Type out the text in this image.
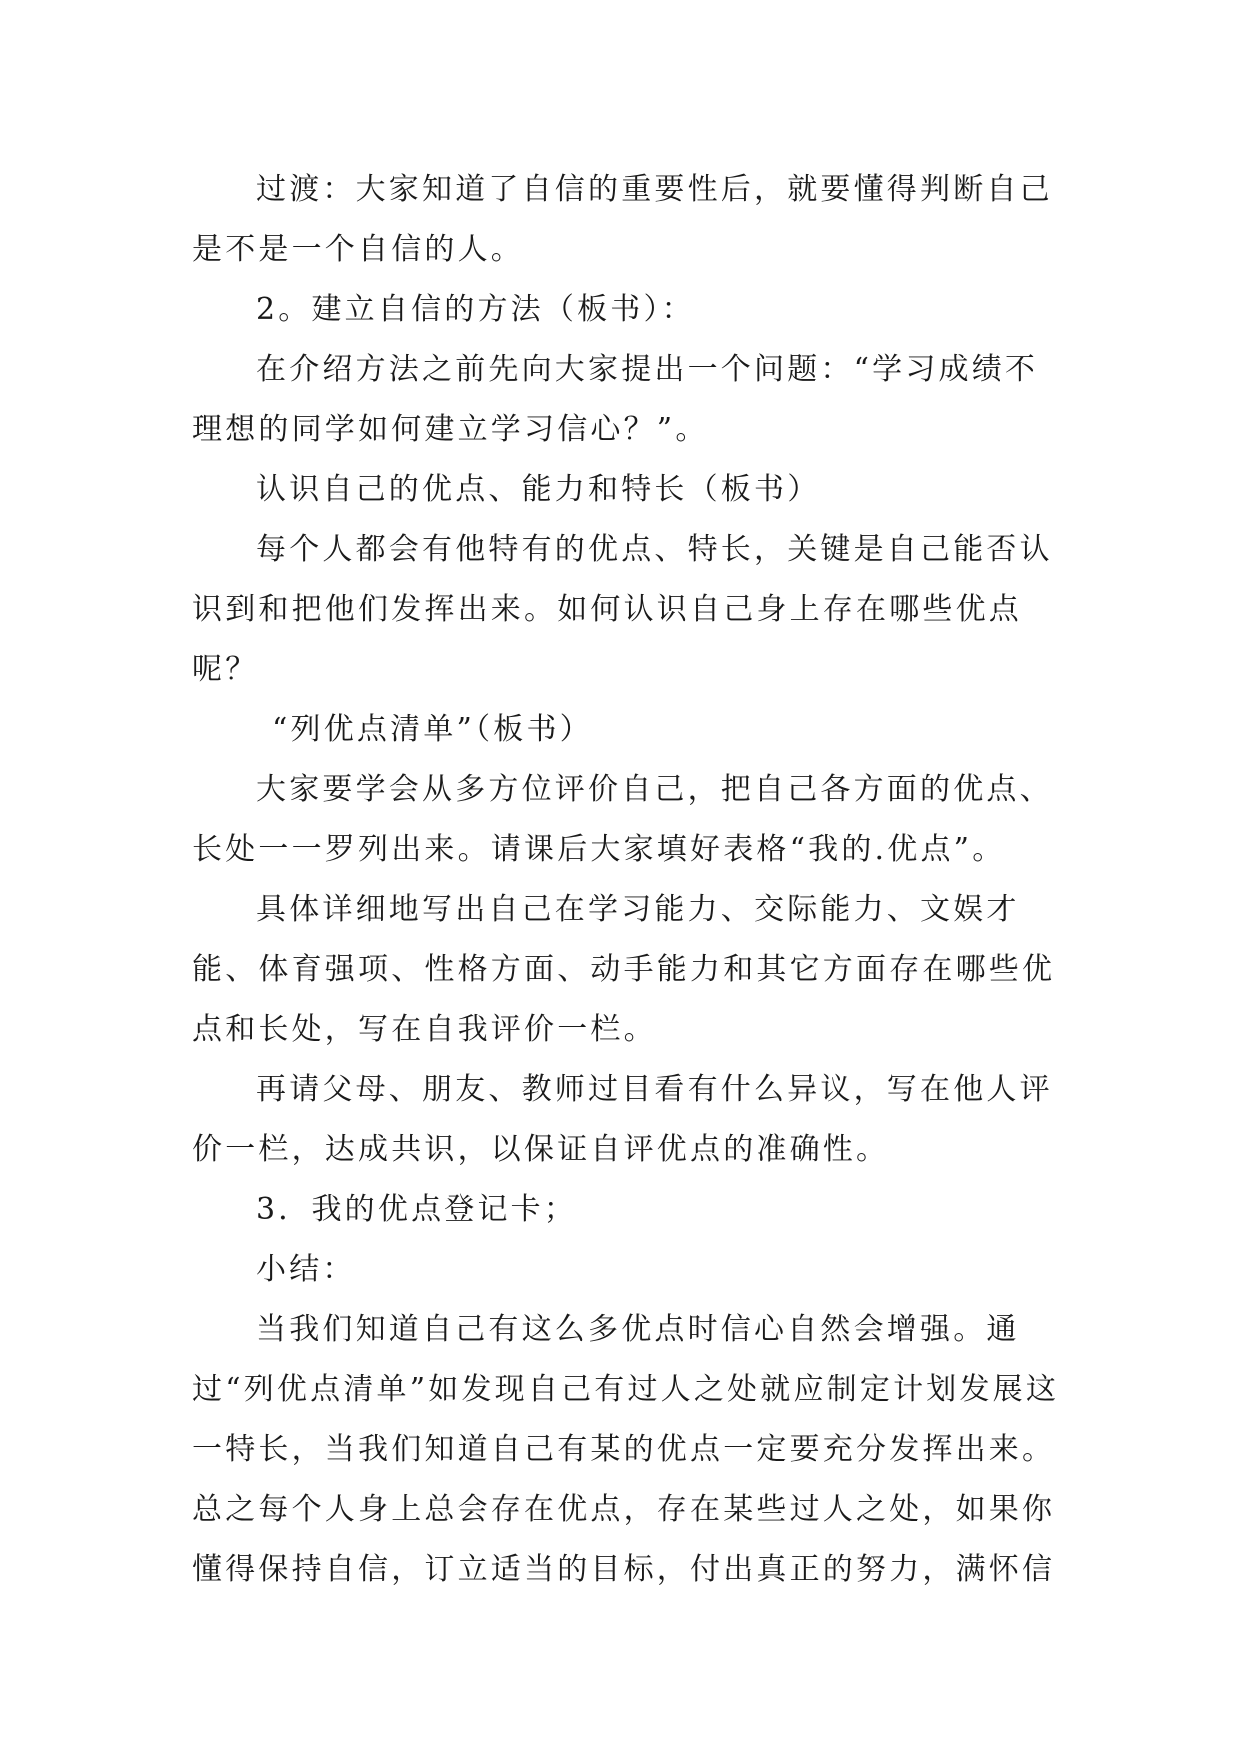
过渡：大家知道了自信的重要性后，就要懂得判断自己是不是一个自信的人。

2。建立自信的方法（板书）：

在介绍方法之前先向大家提出一个问题：“学习成绩不理想的同学如何建立学习信心？”。

认识自己的优点、能力和特长（板书）

每个人都会有他特有的优点、特长，关键是自己能否认识到和把他们发挥出来。如何认识自己身上存在哪些优点呢？

“列优点清单”（板书）

大家要学会从多方位评价自己，把自己各方面的优点、长处一一罗列出来。请课后大家填好表格“我的.优点”。

具体详细地写出自己在学习能力、交际能力、文娱才能、体育强项、性格方面、动手能力和其它方面存在哪些优点和长处，写在自我评价一栏。

再请父母、朋友、教师过目看有什么异议，写在他人评价一栏，达成共识，以保证自评优点的准确性。

3．我的优点登记卡；

小结：

当我们知道自己有这么多优点时信心自然会增强。通过“列优点清单”如发现自己有过人之处就应制定计划发展这一特长，当我们知道自己有某的优点一定要充分发挥出来。总之每个人身上总会存在优点，存在某些过人之处，如果你懂得保持自信，订立适当的目标，付出真正的努力，满怀信
